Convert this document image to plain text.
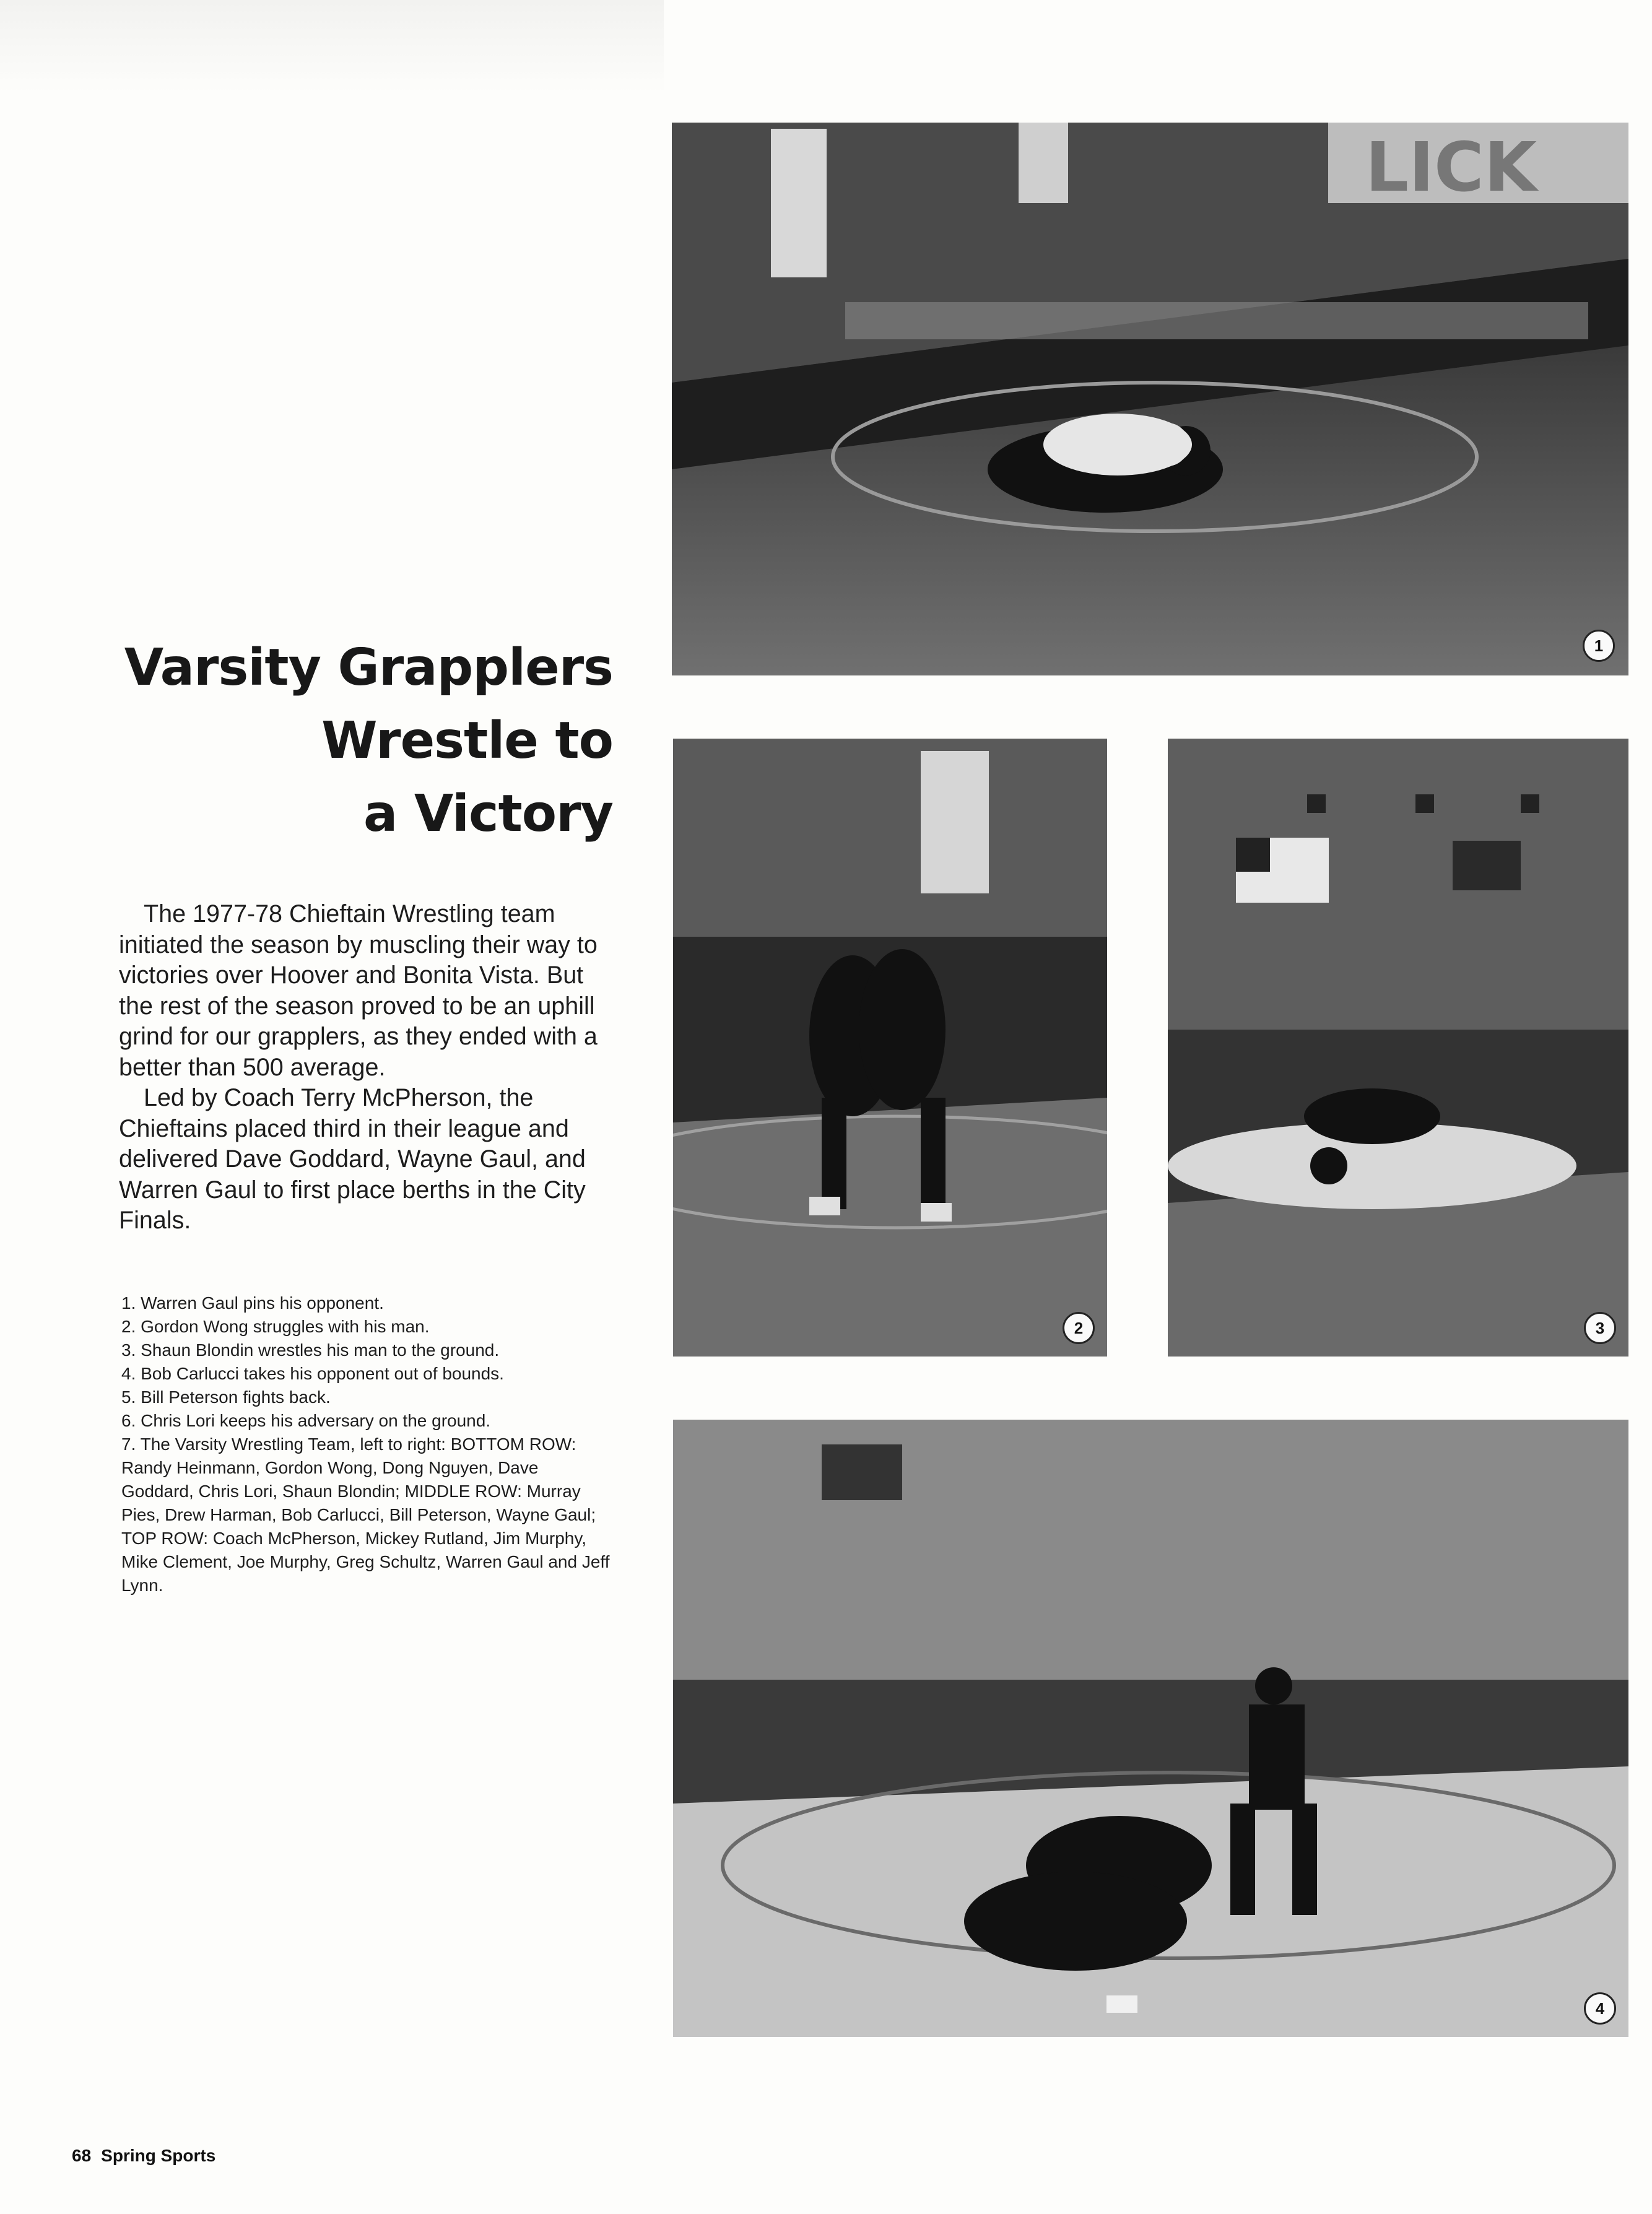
Varsity Grapplers
Wrestle to
a Victory

The 1977-78 Chieftain Wrestling team initiated the season by muscling their way to victories over Hoover and Bonita Vista. But the rest of the season proved to be an uphill grind for our grapplers, as they ended with a better than 500 average.

Led by Coach Terry McPherson, the Chieftains placed third in their league and delivered Dave Goddard, Wayne Gaul, and Warren Gaul to first place berths in the City Finals.

1. Warren Gaul pins his opponent.
2. Gordon Wong struggles with his man.
3. Shaun Blondin wrestles his man to the ground.
4. Bob Carlucci takes his opponent out of bounds.
5. Bill Peterson fights back.
6. Chris Lori keeps his adversary on the ground.
7. The Varsity Wrestling Team, left to right: BOTTOM ROW: Randy Heinmann, Gordon Wong, Dong Nguyen, Dave Goddard, Chris Lori, Shaun Blondin; MIDDLE ROW: Murray Pies, Drew Harman, Bob Carlucci, Bill Peterson, Wayne Gaul; TOP ROW: Coach McPherson, Mickey Rutland, Jim Murphy, Mike Clement, Joe Murphy, Greg Schultz, Warren Gaul and Jeff Lynn.
LICK
1
2	3
4
68 Spring Sports
